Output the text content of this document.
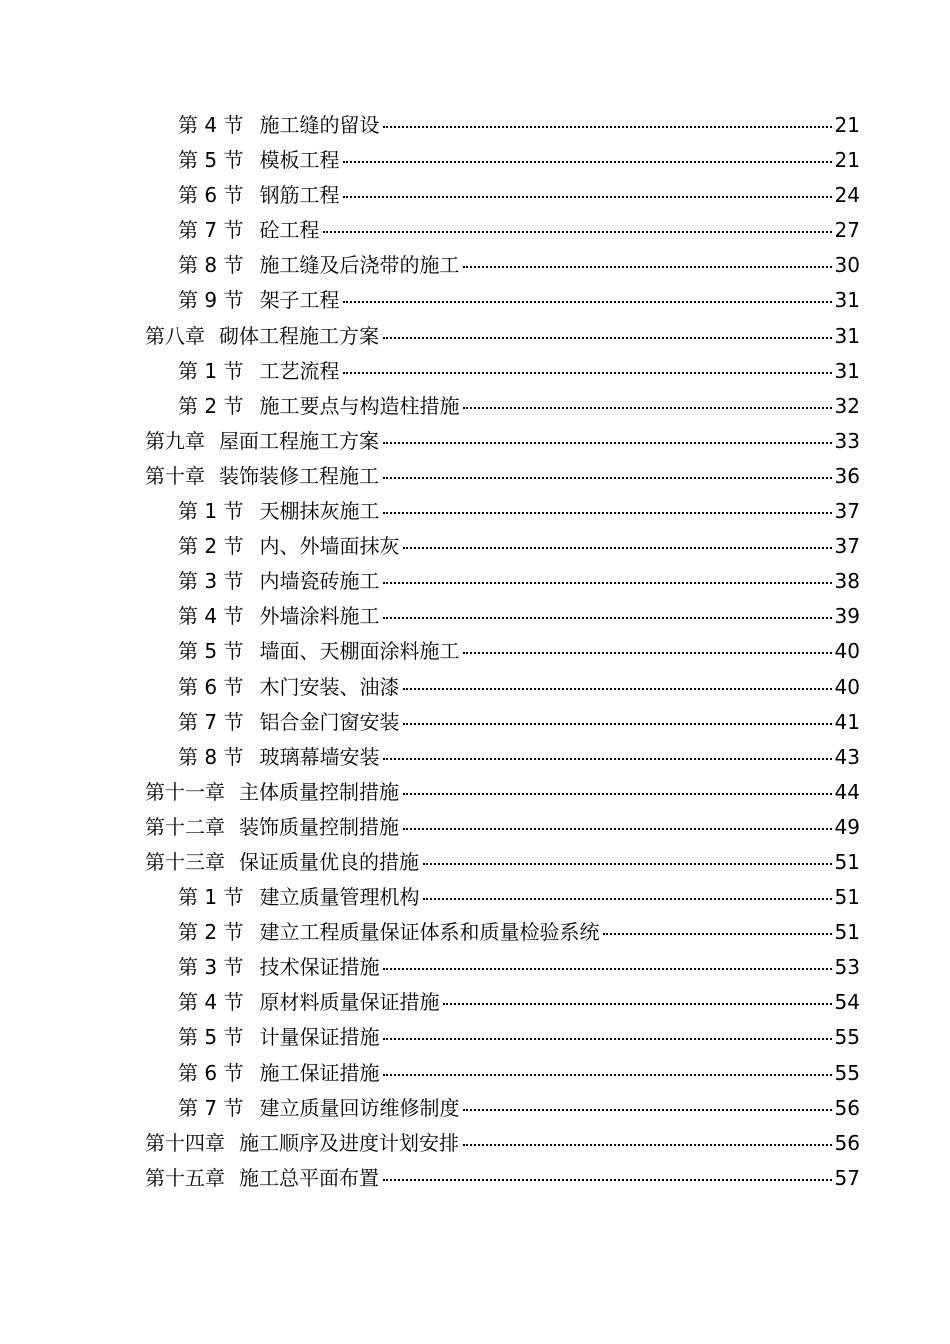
第 4 节 施工缝的留设	21
第 5 节 模板工程	21
第 6 节 钢筋工程	24
第 7 节 砼工程	27
第 8 节 施工缝及后浇带的施工	30
第 9 节 架子工程	31
第八章 砌体工程施工方案	31
第 1 节 工艺流程	31
第 2 节 施工要点与构造柱措施	32
第九章 屋面工程施工方案	33
第十章 装饰装修工程施工	36
第 1 节 天棚抹灰施工	37
第 2 节 内、外墙面抹灰	37
第 3 节 内墙瓷砖施工	38
第 4 节 外墙涂料施工	39
第 5 节 墙面、天棚面涂料施工	40
第 6 节 木门安装、油漆	40
第 7 节 铝合金门窗安装	41
第 8 节 玻璃幕墙安装	43
第十一章 主体质量控制措施	44
第十二章 装饰质量控制措施	49
第十三章 保证质量优良的措施	51
第 1 节 建立质量管理机构	51
第 2 节 建立工程质量保证体系和质量检验系统	51
第 3 节 技术保证措施	53
第 4 节 原材料质量保证措施	54
第 5 节 计量保证措施	55
第 6 节 施工保证措施	55
第 7 节 建立质量回访维修制度	56
第十四章 施工顺序及进度计划安排	56
第十五章 施工总平面布置	57
